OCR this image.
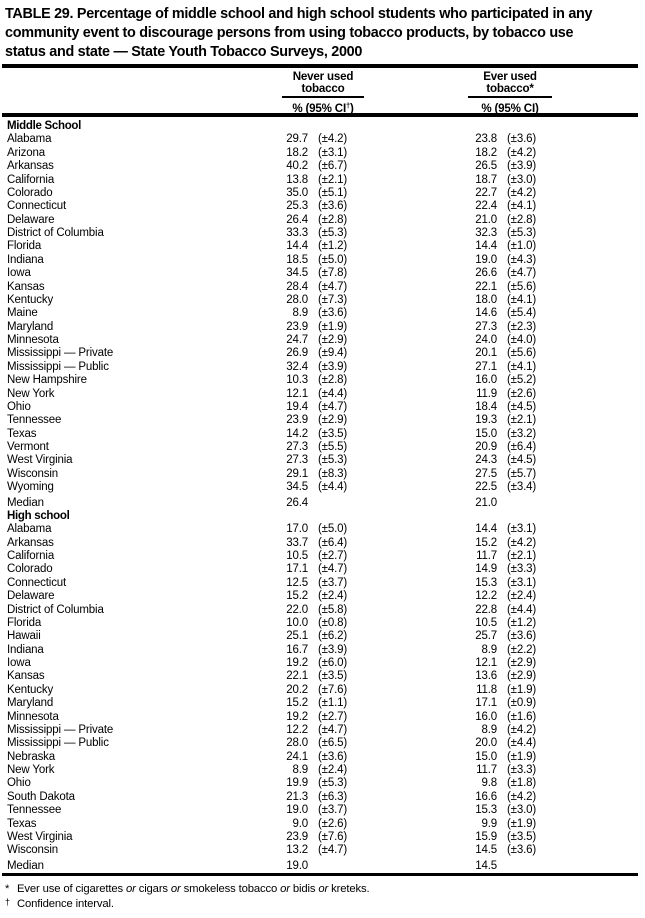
TABLE 29. Percentage of middle school and high school students who participated in any
community event to discourage persons from using tobacco products, by tobacco use
status and state — State Youth Tobacco Surveys, 2000
Never used
tobacco
% (95% CI†)
Ever used
tobacco*
% (95% CI)
Middle School
Alabama	29.7 (±4.2)	23.8 (±3.6)
Arizona	18.2 (±3.1)	18.2 (±4.2)
Arkansas	40.2 (±6.7)	26.5 (±3.9)
California	13.8 (±2.1)	18.7 (±3.0)
Colorado	35.0 (±5.1)	22.7 (±4.2)
Connecticut	25.3 (±3.6)	22.4 (±4.1)
Delaware	26.4 (±2.8)	21.0 (±2.8)
District of Columbia	33.3 (±5.3)	32.3 (±5.3)
Florida	14.4 (±1.2)	14.4 (±1.0)
Indiana	18.5 (±5.0)	19.0 (±4.3)
Iowa	34.5 (±7.8)	26.6 (±4.7)
Kansas	28.4 (±4.7)	22.1 (±5.6)
Kentucky	28.0 (±7.3)	18.0 (±4.1)
Maine	8.9 (±3.6)	14.6 (±5.4)
Maryland	23.9 (±1.9)	27.3 (±2.3)
Minnesota	24.7 (±2.9)	24.0 (±4.0)
Mississippi — Private	26.9 (±9.4)	20.1 (±5.6)
Mississippi — Public	32.4 (±3.9)	27.1 (±4.1)
New Hampshire	10.3 (±2.8)	16.0 (±5.2)
New York	12.1 (±4.4)	11.9 (±2.6)
Ohio	19.4 (±4.7)	18.4 (±4.5)
Tennessee	23.9 (±2.9)	19.3 (±2.1)
Texas	14.2 (±3.5)	15.0 (±3.2)
Vermont	27.3 (±5.5)	20.9 (±6.4)
West Virginia	27.3 (±5.3)	24.3 (±4.5)
Wisconsin	29.1 (±8.3)	27.5 (±5.7)
Wyoming	34.5 (±4.4)	22.5 (±3.4)
Median	26.4	21.0
High school
Alabama	17.0 (±5.0)	14.4 (±3.1)
Arkansas	33.7 (±6.4)	15.2 (±4.2)
California	10.5 (±2.7)	11.7 (±2.1)
Colorado	17.1 (±4.7)	14.9 (±3.3)
Connecticut	12.5 (±3.7)	15.3 (±3.1)
Delaware	15.2 (±2.4)	12.2 (±2.4)
District of Columbia	22.0 (±5.8)	22.8 (±4.4)
Florida	10.0 (±0.8)	10.5 (±1.2)
Hawaii	25.1 (±6.2)	25.7 (±3.6)
Indiana	16.7 (±3.9)	8.9 (±2.2)
Iowa	19.2 (±6.0)	12.1 (±2.9)
Kansas	22.1 (±3.5)	13.6 (±2.9)
Kentucky	20.2 (±7.6)	11.8 (±1.9)
Maryland	15.2 (±1.1)	17.1 (±0.9)
Minnesota	19.2 (±2.7)	16.0 (±1.6)
Mississippi — Private	12.2 (±4.7)	8.9 (±4.2)
Mississippi — Public	28.0 (±6.5)	20.0 (±4.4)
Nebraska	24.1 (±3.6)	15.0 (±1.9)
New York	8.9 (±2.4)	11.7 (±3.3)
Ohio	19.9 (±5.3)	9.8 (±1.8)
South Dakota	21.3 (±6.3)	16.6 (±4.2)
Tennessee	19.0 (±3.7)	15.3 (±3.0)
Texas	9.0 (±2.6)	9.9 (±1.9)
West Virginia	23.9 (±7.6)	15.9 (±3.5)
Wisconsin	13.2 (±4.7)	14.5 (±3.6)
Median	19.0	14.5
* Ever use of cigarettes or cigars or smokeless tobacco or bidis or kreteks.
† Confidence interval.
